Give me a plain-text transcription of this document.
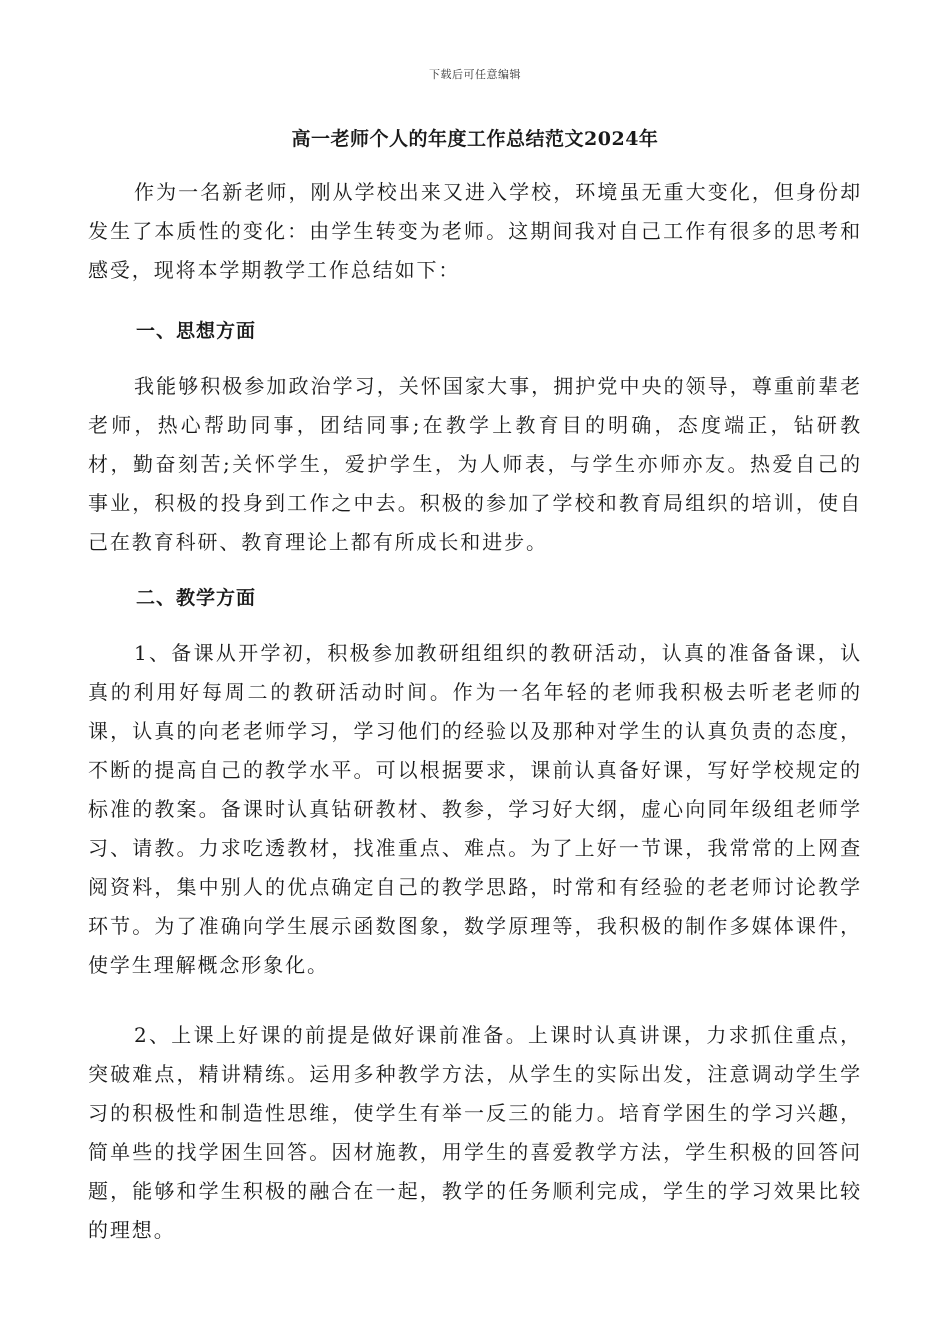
下载后可任意编辑
高一老师个人的年度工作总结范文2024年

作为一名新老师，刚从学校出来又进入学校，环境虽无重大变化，但身份却发生了本质性的变化：由学生转变为老师。这期间我对自己工作有很多的思考和感受，现将本学期教学工作总结如下：

一、思想方面

我能够积极参加政治学习，关怀国家大事，拥护党中央的领导，尊重前辈老老师，热心帮助同事，团结同事;在教学上教育目的明确，态度端正，钻研教材，勤奋刻苦;关怀学生，爱护学生，为人师表，与学生亦师亦友。热爱自己的事业，积极的投身到工作之中去。积极的参加了学校和教育局组织的培训，使自己在教育科研、教育理论上都有所成长和进步。

二、教学方面

1、备课从开学初，积极参加教研组组织的教研活动，认真的准备备课，认真的利用好每周二的教研活动时间。作为一名年轻的老师我积极去听老老师的课，认真的向老老师学习，学习他们的经验以及那种对学生的认真负责的态度，不断的提高自己的教学水平。可以根据要求，课前认真备好课，写好学校规定的标准的教案。备课时认真钻研教材、教参，学习好大纲，虚心向同年级组老师学习、请教。力求吃透教材，找准重点、难点。为了上好一节课，我常常的上网查阅资料，集中别人的优点确定自己的教学思路，时常和有经验的老老师讨论教学环节。为了准确向学生展示函数图象，数学原理等，我积极的制作多媒体课件，使学生理解概念形象化。

2、上课上好课的前提是做好课前准备。上课时认真讲课，力求抓住重点，突破难点，精讲精练。运用多种教学方法，从学生的实际出发，注意调动学生学习的积极性和制造性思维，使学生有举一反三的能力。培育学困生的学习兴趣，简单些的找学困生回答。因材施教，用学生的喜爱教学方法，学生积极的回答问题，能够和学生积极的融合在一起，教学的任务顺利完成，学生的学习效果比较的理想。
